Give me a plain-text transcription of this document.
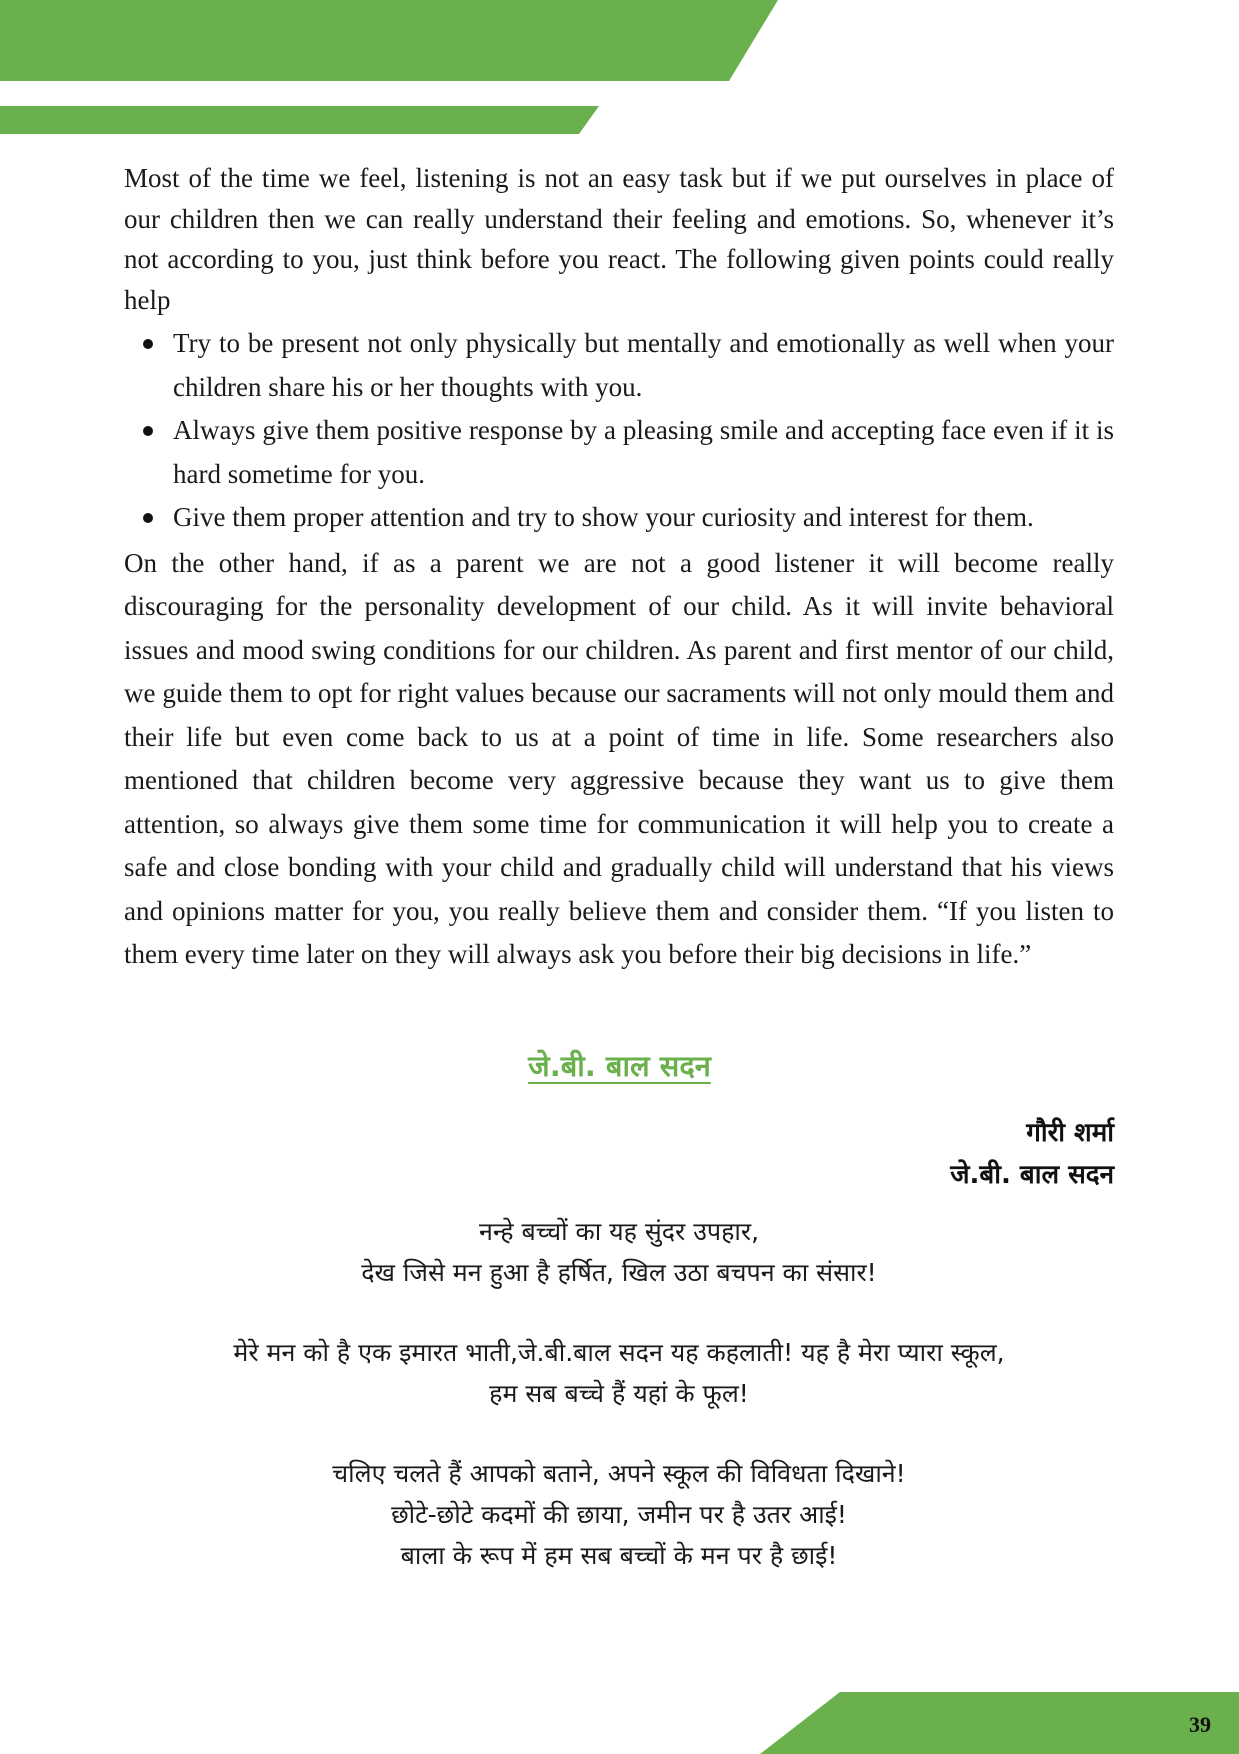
Most of the time we feel, listening is not an easy task but if we put ourselves in place of our children then we can really understand their feeling and emotions. So, whenever it’s not according to you, just think before you react. The following given points could really help

Try to be present not only physically but mentally and emotionally as well when your children share his or her thoughts with you.
Always give them positive response by a pleasing smile and accepting face even if it is hard sometime for you.
Give them proper attention and try to show your curiosity and interest for them.

On the other hand, if as a parent we are not a good listener it will become really discouraging for the personality development of our child. As it will invite behavioral issues and mood swing conditions for our children. As parent and first mentor of our child, we guide them to opt for right values because our sacraments will not only mould them and their life but even come back to us at a point of time in life. Some researchers also mentioned that children become very aggressive because they want us to give them attention, so always give them some time for communication it will help you to create a safe and close bonding with your child and gradually child will understand that his views and opinions matter for you, you really believe them and consider them. “If you listen to them every time later on they will always ask you before their big decisions in life.”

जे.बी. बाल सदन
गौरी शर्मा
जे.बी. बाल सदन
नन्हे बच्चों का यह सुंदर उपहार,
देख जिसे मन हुआ है हर्षित, खिल उठा बचपन का संसार!
मेरे मन को है एक इमारत भाती,जे.बी.बाल सदन यह कहलाती! यह है मेरा प्यारा स्कूल,
हम सब बच्चे हैं यहां के फूल!
चलिए चलते हैं आपको बताने, अपने स्कूल की विविधता दिखाने!
छोटे-छोटे कदमों की छाया, जमीन पर है उतर आई!
बाला के रूप में हम सब बच्चों के मन पर है छाई!
39
